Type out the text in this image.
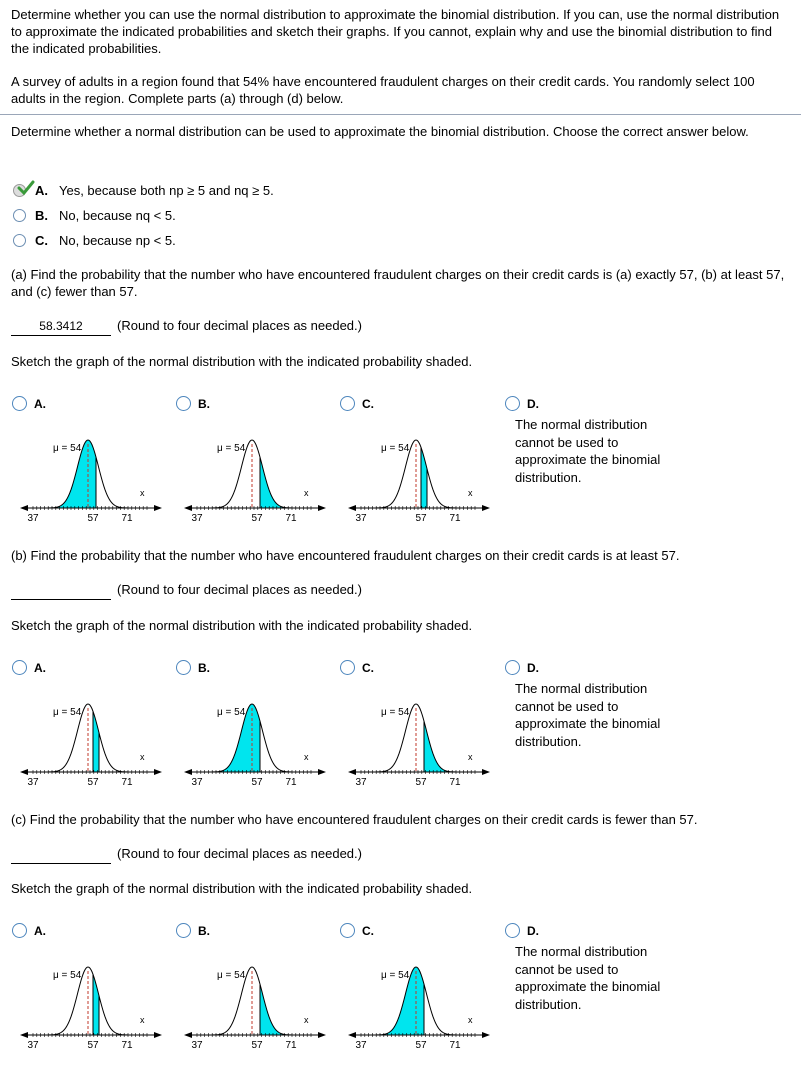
Determine whether you can use the normal distribution to approximate the binomial distribution. If you can, use the normal distribution to approximate the indicated probabilities and sketch their graphs. If you cannot, explain why and use the binomial distribution to find the indicated probabilities.

A survey of adults in a region found that 54% have encountered fraudulent charges on their credit cards. You randomly select 100 adults in the region. Complete parts (a) through (d) below.

Determine whether a normal distribution can be used to approximate the binomial distribution. Choose the correct answer below.

A. Yes, because both np ≥ 5 and nq ≥ 5.
B. No, because nq < 5.
C. No, because np < 5.

(a) Find the probability that the number who have encountered fraudulent charges on their credit cards is (a) exactly 57, (b) at least 57, and (c) fewer than 57.

58.3412	(Round to four decimal places as needed.)

Sketch the graph of the normal distribution with the indicated probability shaded.

A.
μ = 54
x
37	57 71
B.
μ = 54
x
37	57 71
C.
μ = 54
x
37	57 71
D.
The normal distribution cannot be used to approximate the binomial distribution.

(b) Find the probability that the number who have encountered fraudulent charges on their credit cards is at least 57.

(Round to four decimal places as needed.)

Sketch the graph of the normal distribution with the indicated probability shaded.

A.
μ = 54
x
37	57 71
B.
μ = 54
x
37	57 71
C.
μ = 54
x
37	57 71
D.
The normal distribution cannot be used to approximate the binomial distribution.

(c) Find the probability that the number who have encountered fraudulent charges on their credit cards is fewer than 57.

(Round to four decimal places as needed.)

Sketch the graph of the normal distribution with the indicated probability shaded.

A.
μ = 54
x
37	57 71
B.
μ = 54
x
37	57 71
C.
μ = 54
x
37	57 71
D.
The normal distribution cannot be used to approximate the binomial distribution.
